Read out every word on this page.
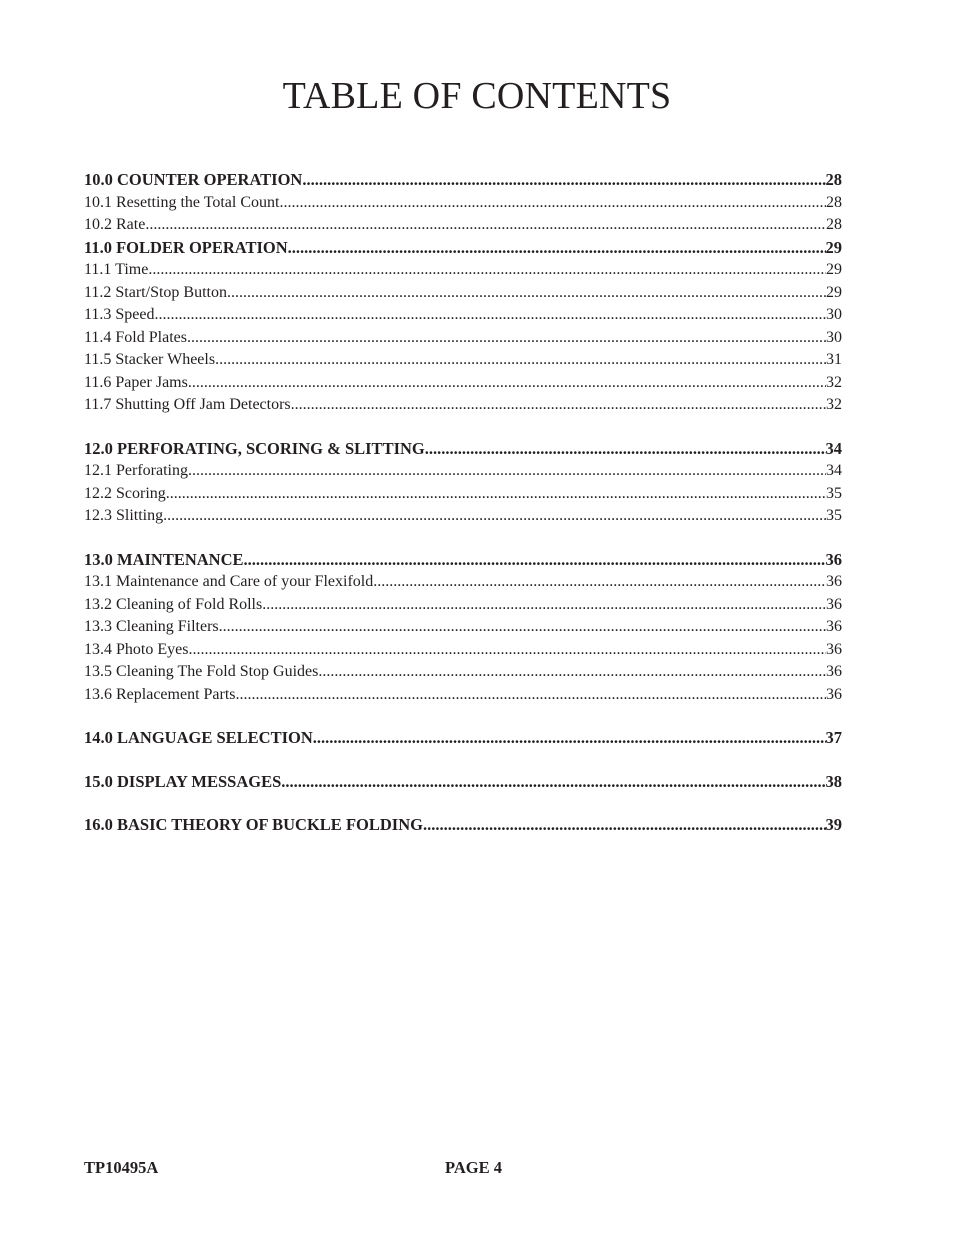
TABLE OF CONTENTS
10.0 COUNTER OPERATION .....	28
10.1 Resetting the Total Count .....	28
10.2 Rate .....	28
11.0 FOLDER OPERATION .....	29
11.1 Time .....	29
11.2 Start/Stop Button .....	29
11.3 Speed .....	30
11.4 Fold Plates .....	30
11.5 Stacker Wheels .....	31
11.6 Paper Jams .....	32
11.7 Shutting Off Jam Detectors .....	32
12.0 PERFORATING, SCORING & SLITTING .....	34
12.1 Perforating .....	34
12.2 Scoring .....	35
12.3 Slitting .....	35
13.0 MAINTENANCE .....	36
13.1 Maintenance and Care of your Flexifold .....	36
13.2 Cleaning of Fold Rolls .....	36
13.3 Cleaning Filters .....	36
13.4 Photo Eyes .....	36
13.5 Cleaning The Fold Stop Guides .....	36
13.6 Replacement Parts .....	36
14.0 LANGUAGE SELECTION .....	37
15.0 DISPLAY MESSAGES .....	38
16.0 BASIC THEORY OF BUCKLE FOLDING .....	39
TP10495A	PAGE 4
